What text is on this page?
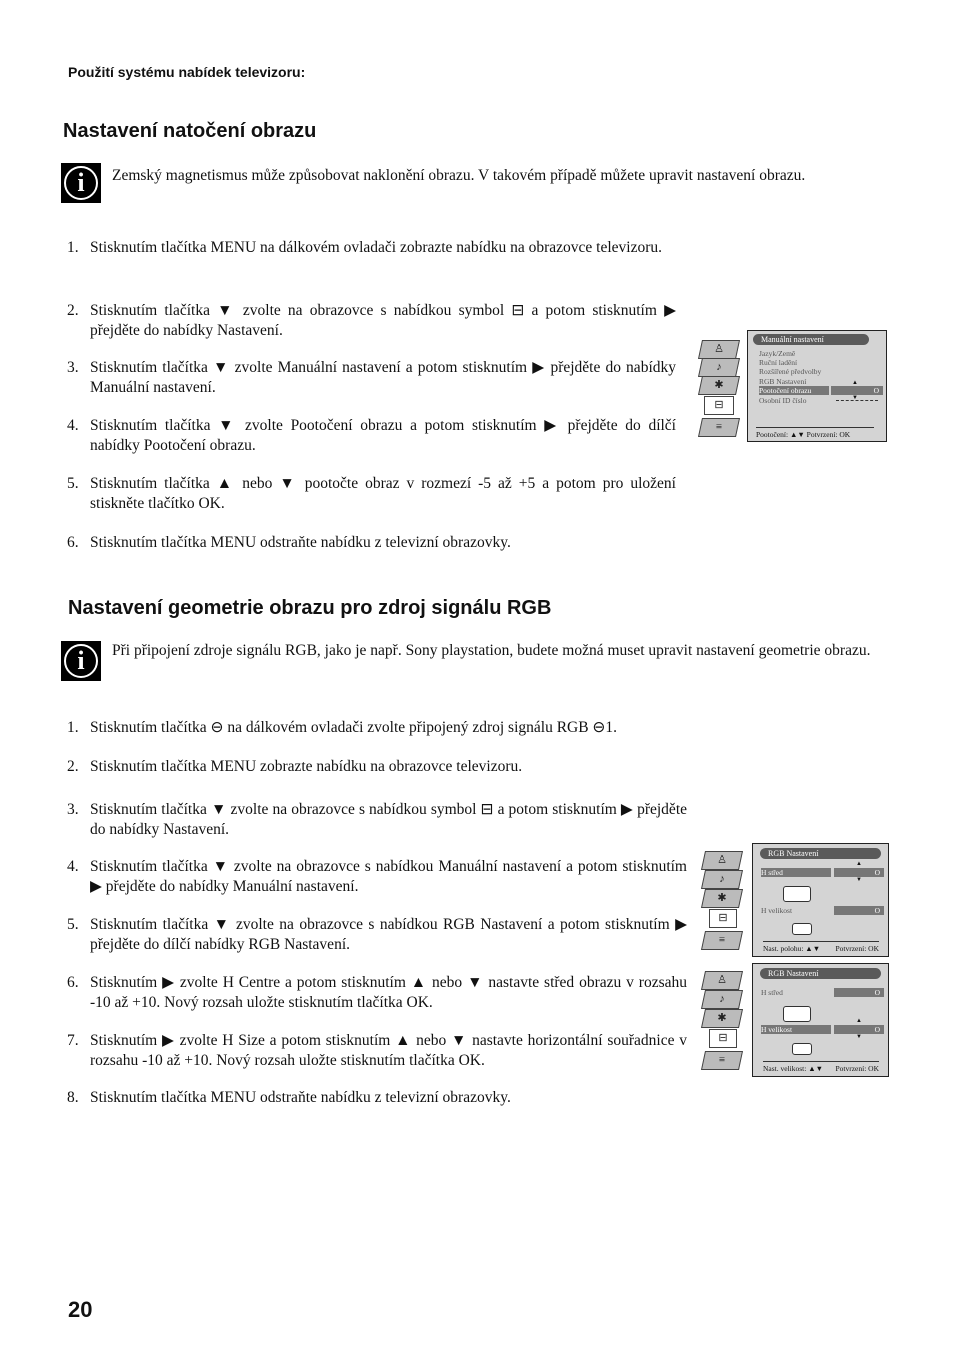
Použití systému nabídek televizoru:
Nastavení natočení obrazu
i	Zemský magnetismus může způsobovat naklonění obrazu. V takovém případě můžete upravit nastavení obrazu.
1. Stisknutím tlačítka MENU na dálkovém ovladači zobrazte nabídku na obrazovce televizoru.
2. Stisknutím tlačítka ▼ zvolte na obrazovce s nabídkou symbol ⊟ a potom stisknutím ▶ přejděte do nabídky Nastavení.
3. Stisknutím tlačítka ▼ zvolte Manuální nastavení a potom stisknutím ▶ přejděte do nabídky Manuální nastavení.
4. Stisknutím tlačítka ▼ zvolte Pootočení obrazu a potom stisknutím ▶ přejděte do dílčí nabídky Pootočení obrazu.
5. Stisknutím tlačítka ▲ nebo ▼ pootočte obraz v rozmezí -5 až +5 a potom pro uložení stiskněte tlačítko OK.
6. Stisknutím tlačítka MENU odstraňte nabídku z televizní obrazovky.
♙
♪
✱
⊟
≡
Manuální nastavení
Jazyk/Země
Ruční ladění
Rozšířené předvolby
RGB Nastavení
Pootočení obrazu	O
▲
▼
Osobní ID číslo
Pootočení: ▲▼ Potvrzení: OK
Nastavení geometrie obrazu pro zdroj signálu RGB
i	Při připojení zdroje signálu RGB, jako je např. Sony playstation, budete možná muset upravit nastavení geometrie obrazu.
1. Stisknutím tlačítka ⊖ na dálkovém ovladači zvolte připojený zdroj signálu RGB ⊖1.
2. Stisknutím tlačítka MENU zobrazte nabídku na obrazovce televizoru.
3. Stisknutím tlačítka ▼ zvolte na obrazovce s nabídkou symbol ⊟ a potom stisknutím ▶ přejděte do nabídky Nastavení.
4. Stisknutím tlačítka ▼ zvolte na obrazovce s nabídkou Manuální nastavení a potom stisknutím ▶ přejděte do nabídky Manuální nastavení.
5. Stisknutím tlačítka ▼ zvolte na obrazovce s nabídkou RGB Nastavení a potom stisknutím ▶ přejděte do dílčí nabídky RGB Nastavení.
6. Stisknutím ▶ zvolte H Centre a potom stisknutím ▲ nebo ▼ nastavte střed obrazu v rozsahu -10 až +10. Nový rozsah uložte stisknutím tlačítka OK.
7. Stisknutím ▶ zvolte H Size a potom stisknutím ▲ nebo ▼ nastavte horizontální souřadnice v rozsahu -10 až +10. Nový rozsah uložte stisknutím tlačítka OK.
8. Stisknutím tlačítka MENU odstraňte nabídku z televizní obrazovky.
♙
♪
✱
⊟
≡
RGB Nastavení
H střed	O
▲
▼
H velikost	O
Nast. polohu: ▲▼ Potvrzení: OK
♙
♪
✱
⊟
≡
RGB Nastavení
H střed	O
H velikost	O
▲
▼
Nast. velikost: ▲▼ Potvrzení: OK
20
